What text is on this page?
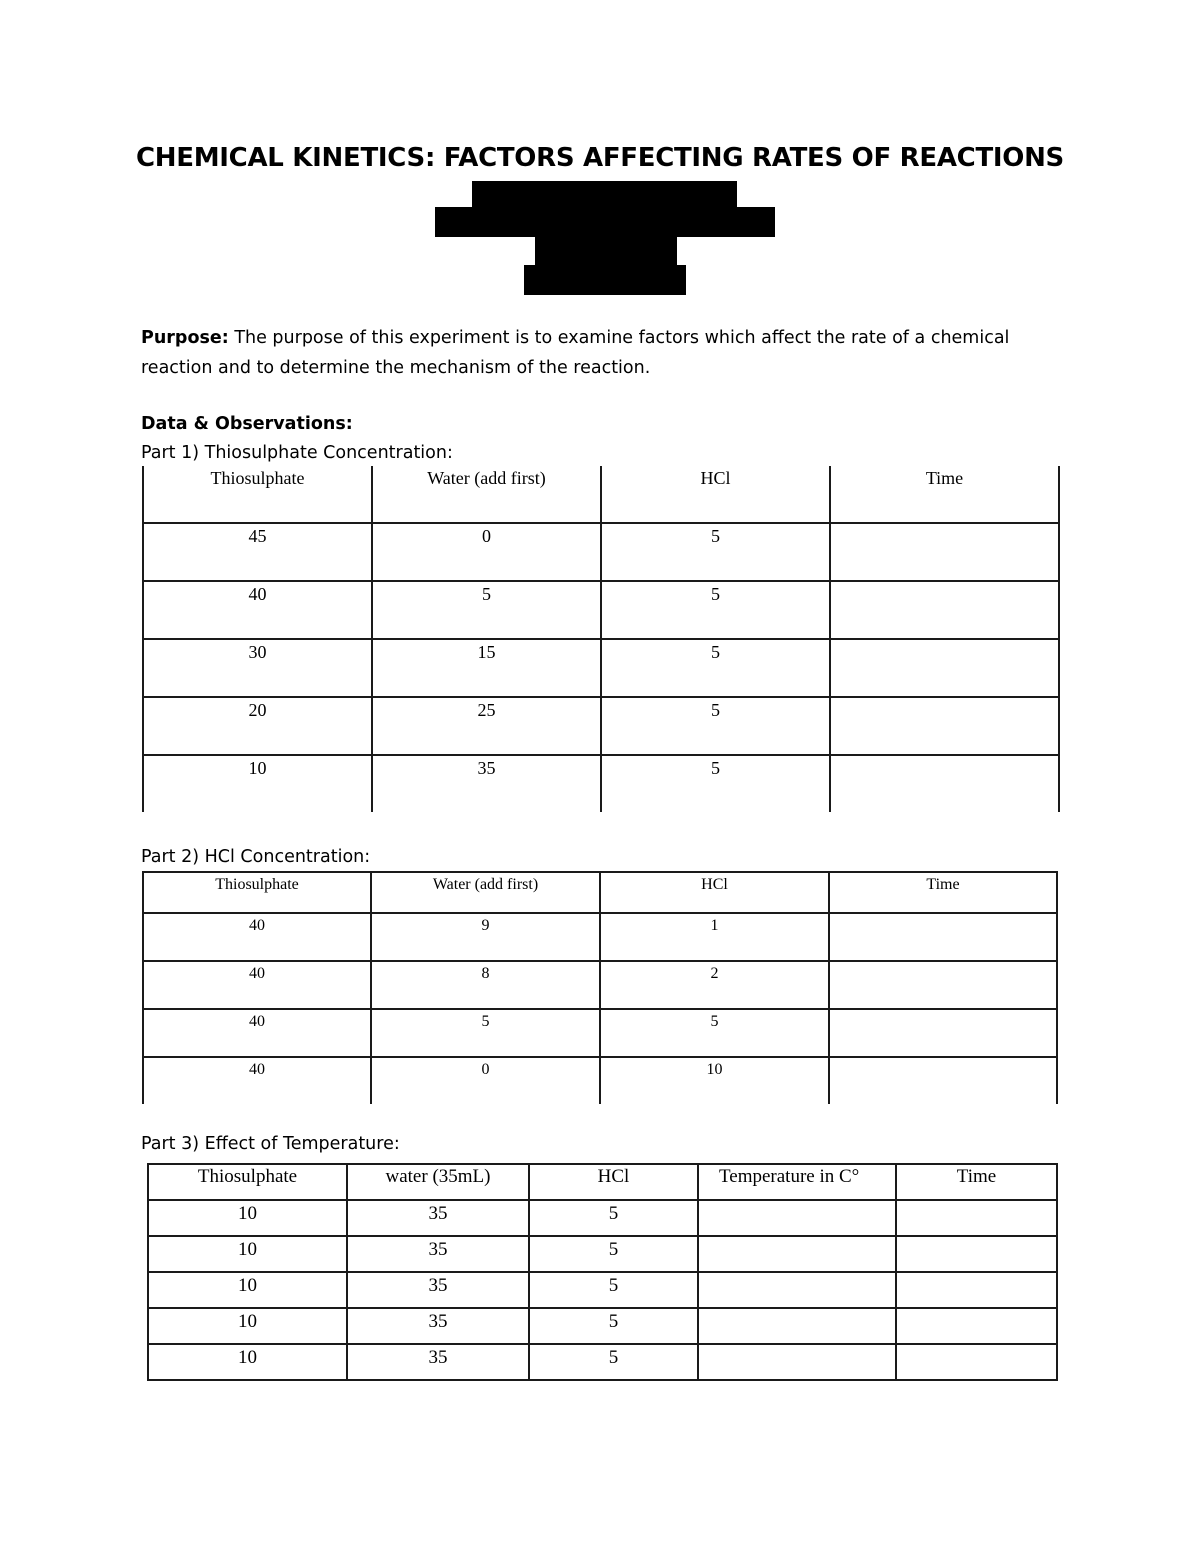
CHEMICAL KINETICS: FACTORS AFFECTING RATES OF REACTIONS
Purpose: The purpose of this experiment is to examine factors which affect the rate of a chemical reaction and to determine the mechanism of the reaction.
Data & Observations:
Part 1) Thiosulphate Concentration:
Thiosulphate	Water (add first)	HCl	Time
45	0	5	
40	5	5	
30	15	5	
20	25	5	
10	35	5	
Part 2) HCl Concentration:
Thiosulphate	Water (add first)	HCl	Time
40	9	1	
40	8	2	
40	5	5	
40	0	10	
Part 3) Effect of Temperature:
Thiosulphate	water (35mL)	HCl	Temperature in C°	Time
10	35	5		
10	35	5		
10	35	5		
10	35	5		
10	35	5		
